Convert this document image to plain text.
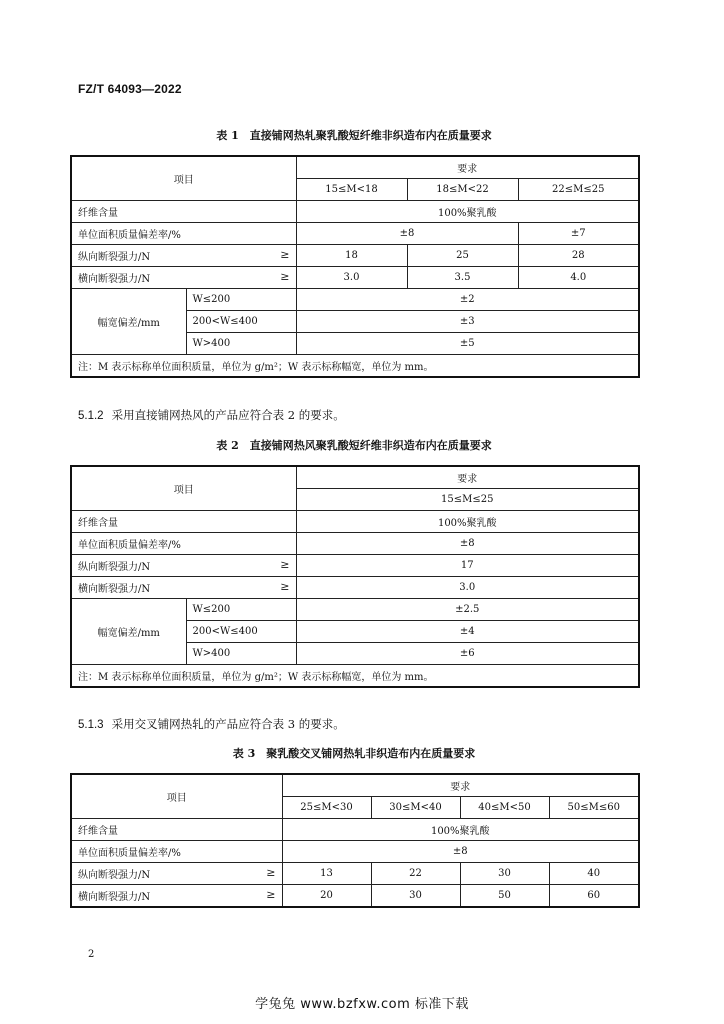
FZ/T 64093—2022
表 1　直接铺网热轧聚乳酸短纤维非织造布内在质量要求
项目		要求		
		15≤M<18	18≤M<22	22≤M≤25
纤维含量		100%聚乳酸		
单位面积质量偏差率/%		±8		±7
纵向断裂强力/N ≥		18	25	28
横向断裂强力/N ≥		3.0	3.5	4.0
幅宽偏差/mm	W≤200	±2		
	200<W≤400	±3		
	W>400	±5		
注：M 表示标称单位面积质量，单位为 g/m²；W 表示标称幅宽，单位为 mm。				
5.1.2 采用直接铺网热风的产品应符合表 2 的要求。
表 2　直接铺网热风聚乳酸短纤维非织造布内在质量要求
项目		要求
		15≤M≤25
纤维含量		100%聚乳酸
单位面积质量偏差率/%		±8
纵向断裂强力/N ≥		17
横向断裂强力/N ≥		3.0
幅宽偏差/mm	W≤200	±2.5
	200<W≤400	±4
	W>400	±6
注：M 表示标称单位面积质量，单位为 g/m²；W 表示标称幅宽，单位为 mm。		
5.1.3 采用交叉铺网热轧的产品应符合表 3 的要求。
表 3　聚乳酸交叉铺网热轧非织造布内在质量要求
项目	要求			
	25≤M<30	30≤M<40	40≤M<50	50≤M≤60
纤维含量	100%聚乳酸			
单位面积质量偏差率/%	±8			
纵向断裂强力/N ≥	13	22	30	40
横向断裂强力/N ≥	20	30	50	60
2
学兔兔 www.bzfxw.com 标准下载
